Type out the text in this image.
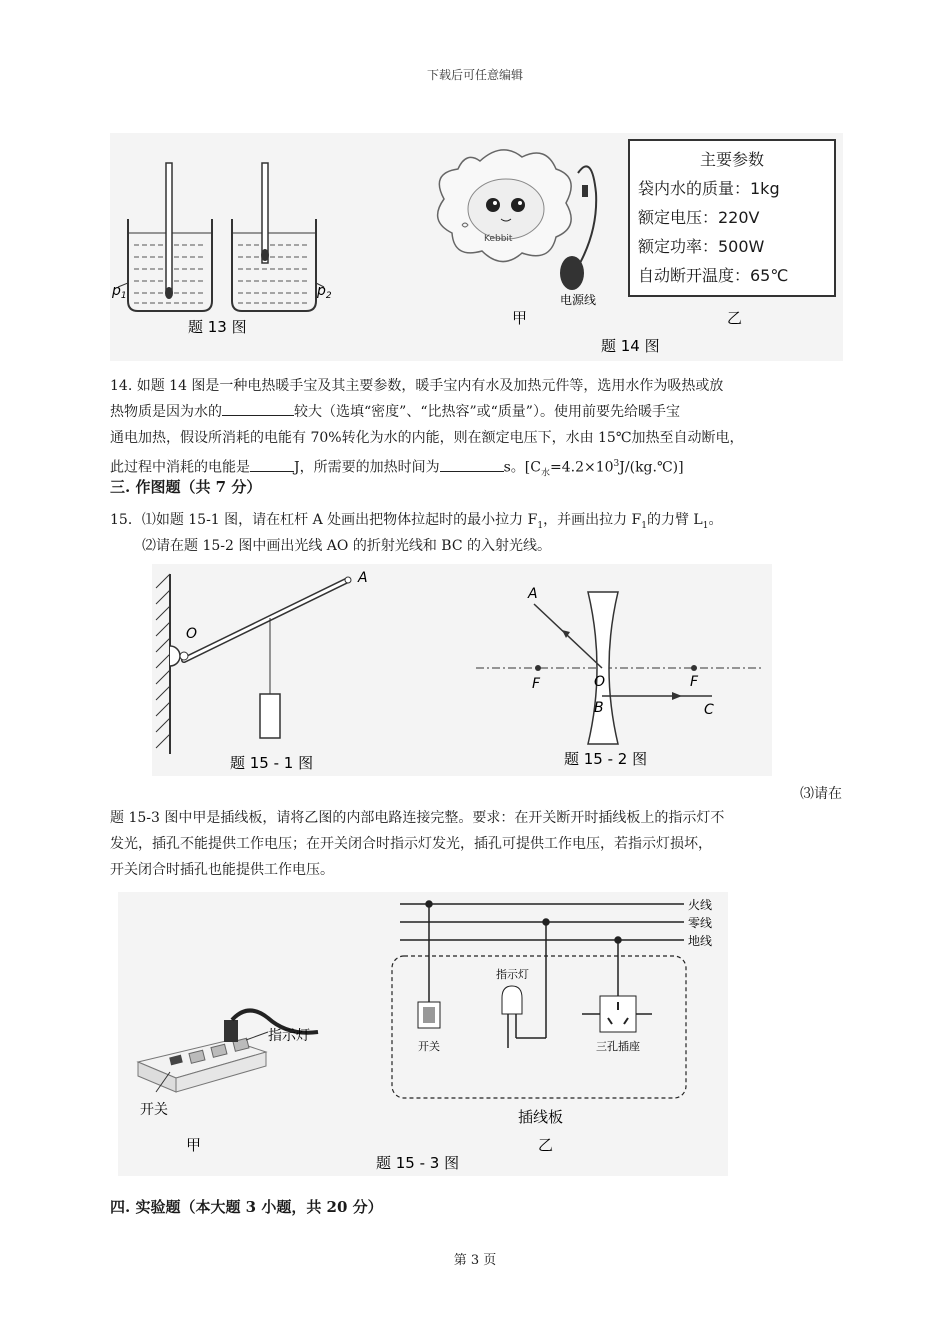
下载后可任意编辑
$p_1$	$p_2$
题 13 图
Kebbit
电源线
甲	乙
题 14 图
主要参数
袋内水的质量：1kg
额定电压：220V
额定功率：500W
自动断开温度：65℃
14. 如题 14 图是一种电热暖手宝及其主要参数，暖手宝内有水及加热元件等，选用水作为吸热或放
热物质是因为水的	较大（选填“密度”、“比热容”或“质量”）。使用前要先给暖手宝
通电加热，假设所消耗的电能有 70%转化为水的内能，则在额定电压下，水由 15℃加热至自动断电，
此过程中消耗的电能是	J，所需要的加热时间为	s。$[C_水=4.2\times 10^3J/(kg.℃)]$
三. 作图题（共 7 分）
15．⑴如题 15-1 图，请在杠杆 A 处画出把物体拉起时的最小拉力 $F_1$，并画出拉力 $F_1$的力臂 $L_1$。
⑵请在题 15-2 图中画出光线 AO 的折射光线和 BC 的入射光线。
A
O
题 15 - 1 图
A
F	O	F
B	C
题 15 - 2 图
⑶请在
题 15-3 图中甲是插线板，请将乙图的内部电路连接完整。要求：在开关断开时插线板上的指示灯不
发光，插孔不能提供工作电压；在开关闭合时指示灯发光，插孔可提供工作电压，若指示灯损坏，
开关闭合时插孔也能提供工作电压。
指示灯
开关
甲
火线
零线
地线
指示灯
开关	三孔插座
插线板
乙
题 15 - 3 图
四. 实验题（本大题 3 小题，共 20 分）
第 3 页
